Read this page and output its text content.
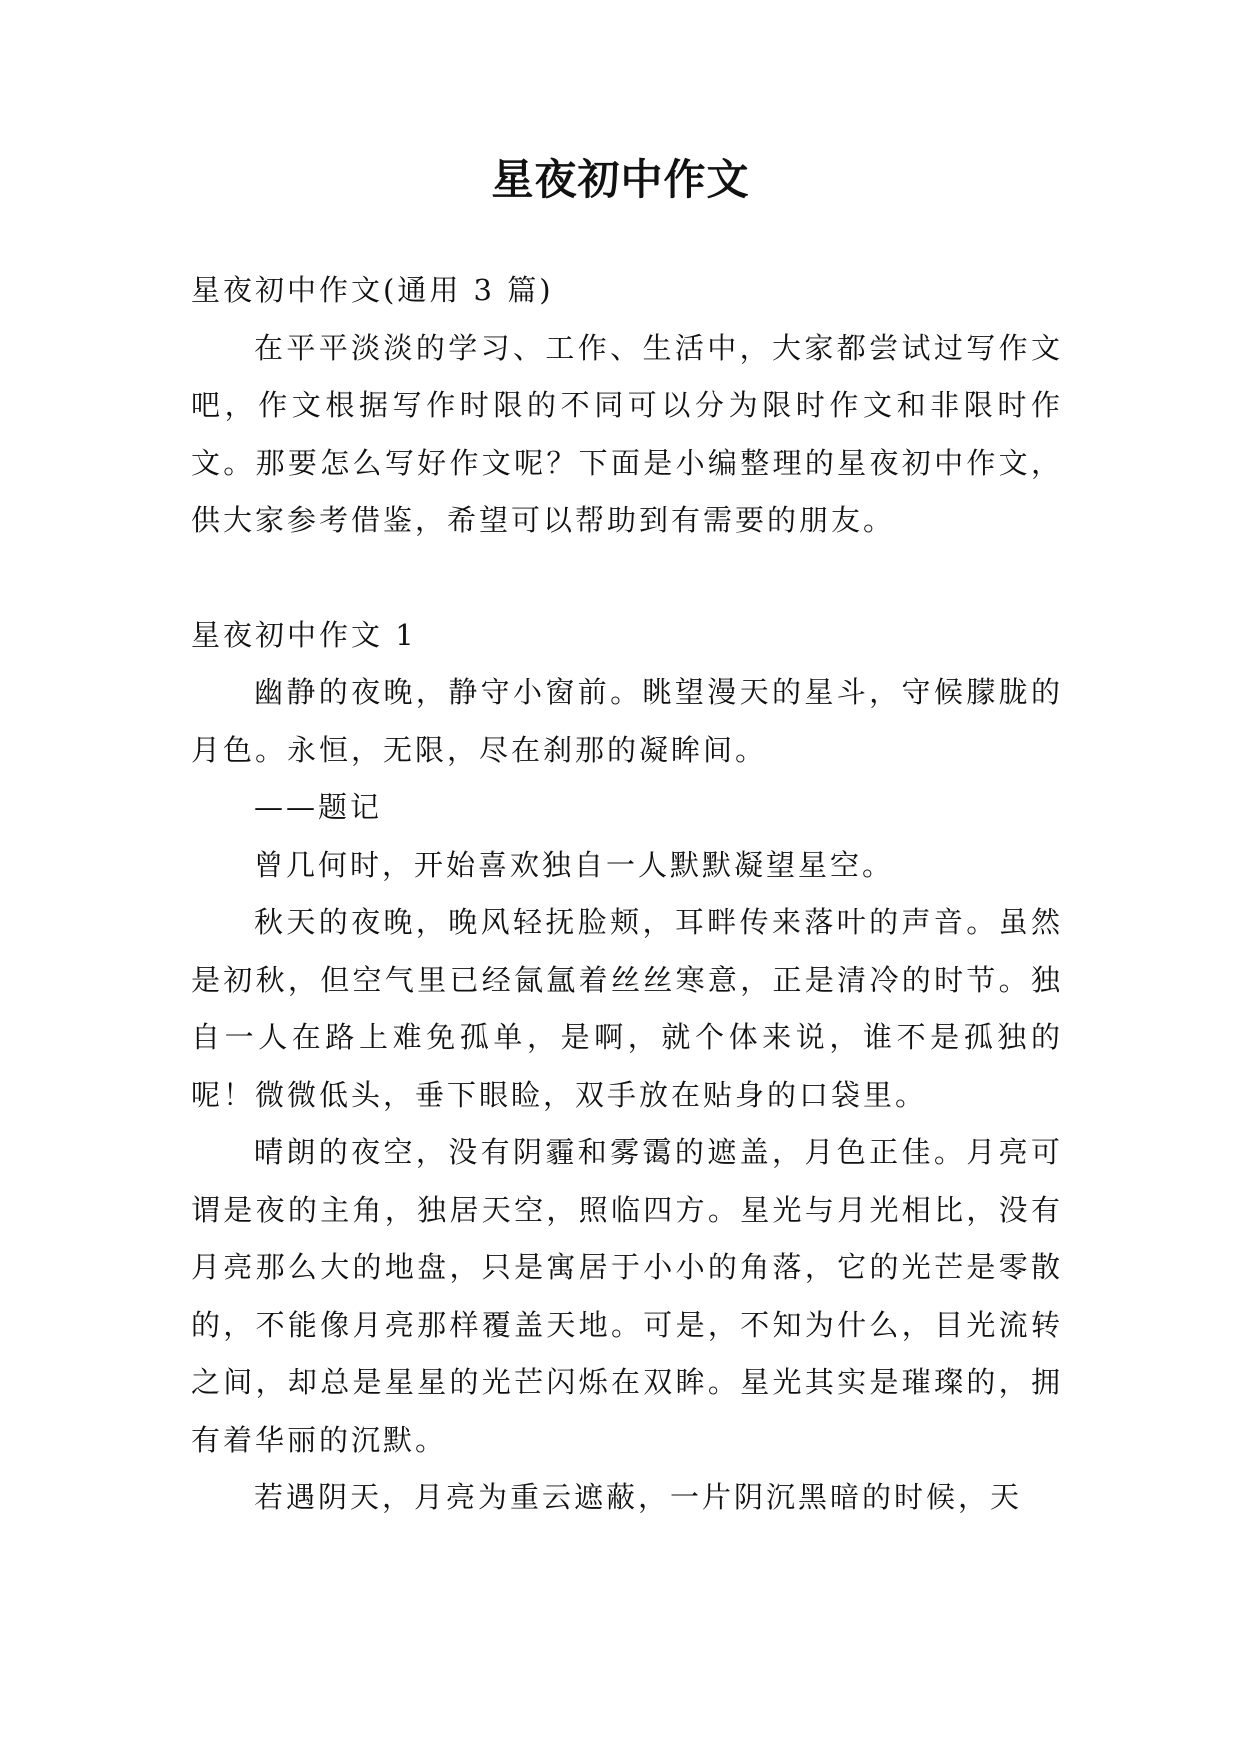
星夜初中作文

星夜初中作文(通用 3 篇)

在平平淡淡的学习、工作、生活中，大家都尝试过写作文吧，作文根据写作时限的不同可以分为限时作文和非限时作文。那要怎么写好作文呢？下面是小编整理的星夜初中作文，供大家参考借鉴，希望可以帮助到有需要的朋友。

星夜初中作文 1

幽静的夜晚，静守小窗前。眺望漫天的星斗，守候朦胧的月色。永恒，无限，尽在刹那的凝眸间。

——题记

曾几何时，开始喜欢独自一人默默凝望星空。

秋天的夜晚，晚风轻抚脸颊，耳畔传来落叶的声音。虽然是初秋，但空气里已经氤氲着丝丝寒意，正是清冷的时节。独自一人在路上难免孤单，是啊，就个体来说，谁不是孤独的呢！微微低头，垂下眼睑，双手放在贴身的口袋里。

晴朗的夜空，没有阴霾和雾霭的遮盖，月色正佳。月亮可谓是夜的主角，独居天空，照临四方。星光与月光相比，没有月亮那么大的地盘，只是寓居于小小的角落，它的光芒是零散的，不能像月亮那样覆盖天地。可是，不知为什么，目光流转之间，却总是星星的光芒闪烁在双眸。星光其实是璀璨的，拥有着华丽的沉默。

若遇阴天，月亮为重云遮蔽，一片阴沉黑暗的时候，天
